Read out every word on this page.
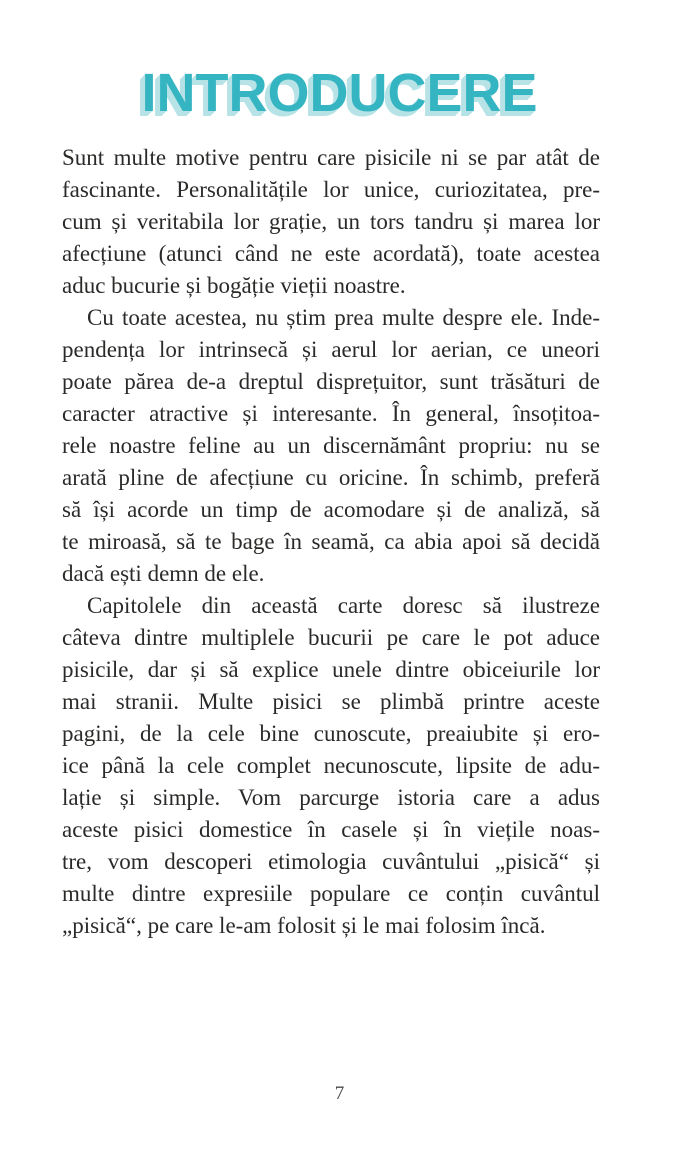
INTRODUCERE
Sunt multe motive pentru care pisicile ni se par atât de
fascinante. Personalitățile lor unice, curiozitatea, pre-
cum și veritabila lor grație, un tors tandru și marea lor
afecțiune (atunci când ne este acordată), toate acestea
aduc bucurie și bogăție vieții noastre.
Cu toate acestea, nu știm prea multe despre ele. Inde-
pendența lor intrinsecă și aerul lor aerian, ce uneori
poate părea de-a dreptul disprețuitor, sunt trăsături de
caracter atractive și interesante. În general, însoțitoa-
rele noastre feline au un discernământ propriu: nu se
arată pline de afecțiune cu oricine. În schimb, preferă
să își acorde un timp de acomodare și de analiză, să
te miroasă, să te bage în seamă, ca abia apoi să decidă
dacă ești demn de ele.
Capitolele din această carte doresc să ilustreze
câteva dintre multiplele bucurii pe care le pot aduce
pisicile, dar și să explice unele dintre obiceiurile lor
mai stranii. Multe pisici se plimbă printre aceste
pagini, de la cele bine cunoscute, preaiubite și ero-
ice până la cele complet necunoscute, lipsite de adu-
lație și simple. Vom parcurge istoria care a adus
aceste pisici domestice în casele și în viețile noas-
tre, vom descoperi etimologia cuvântului „pisică“ și
multe dintre expresiile populare ce conțin cuvântul
„pisică“, pe care le-am folosit și le mai folosim încă.
7
